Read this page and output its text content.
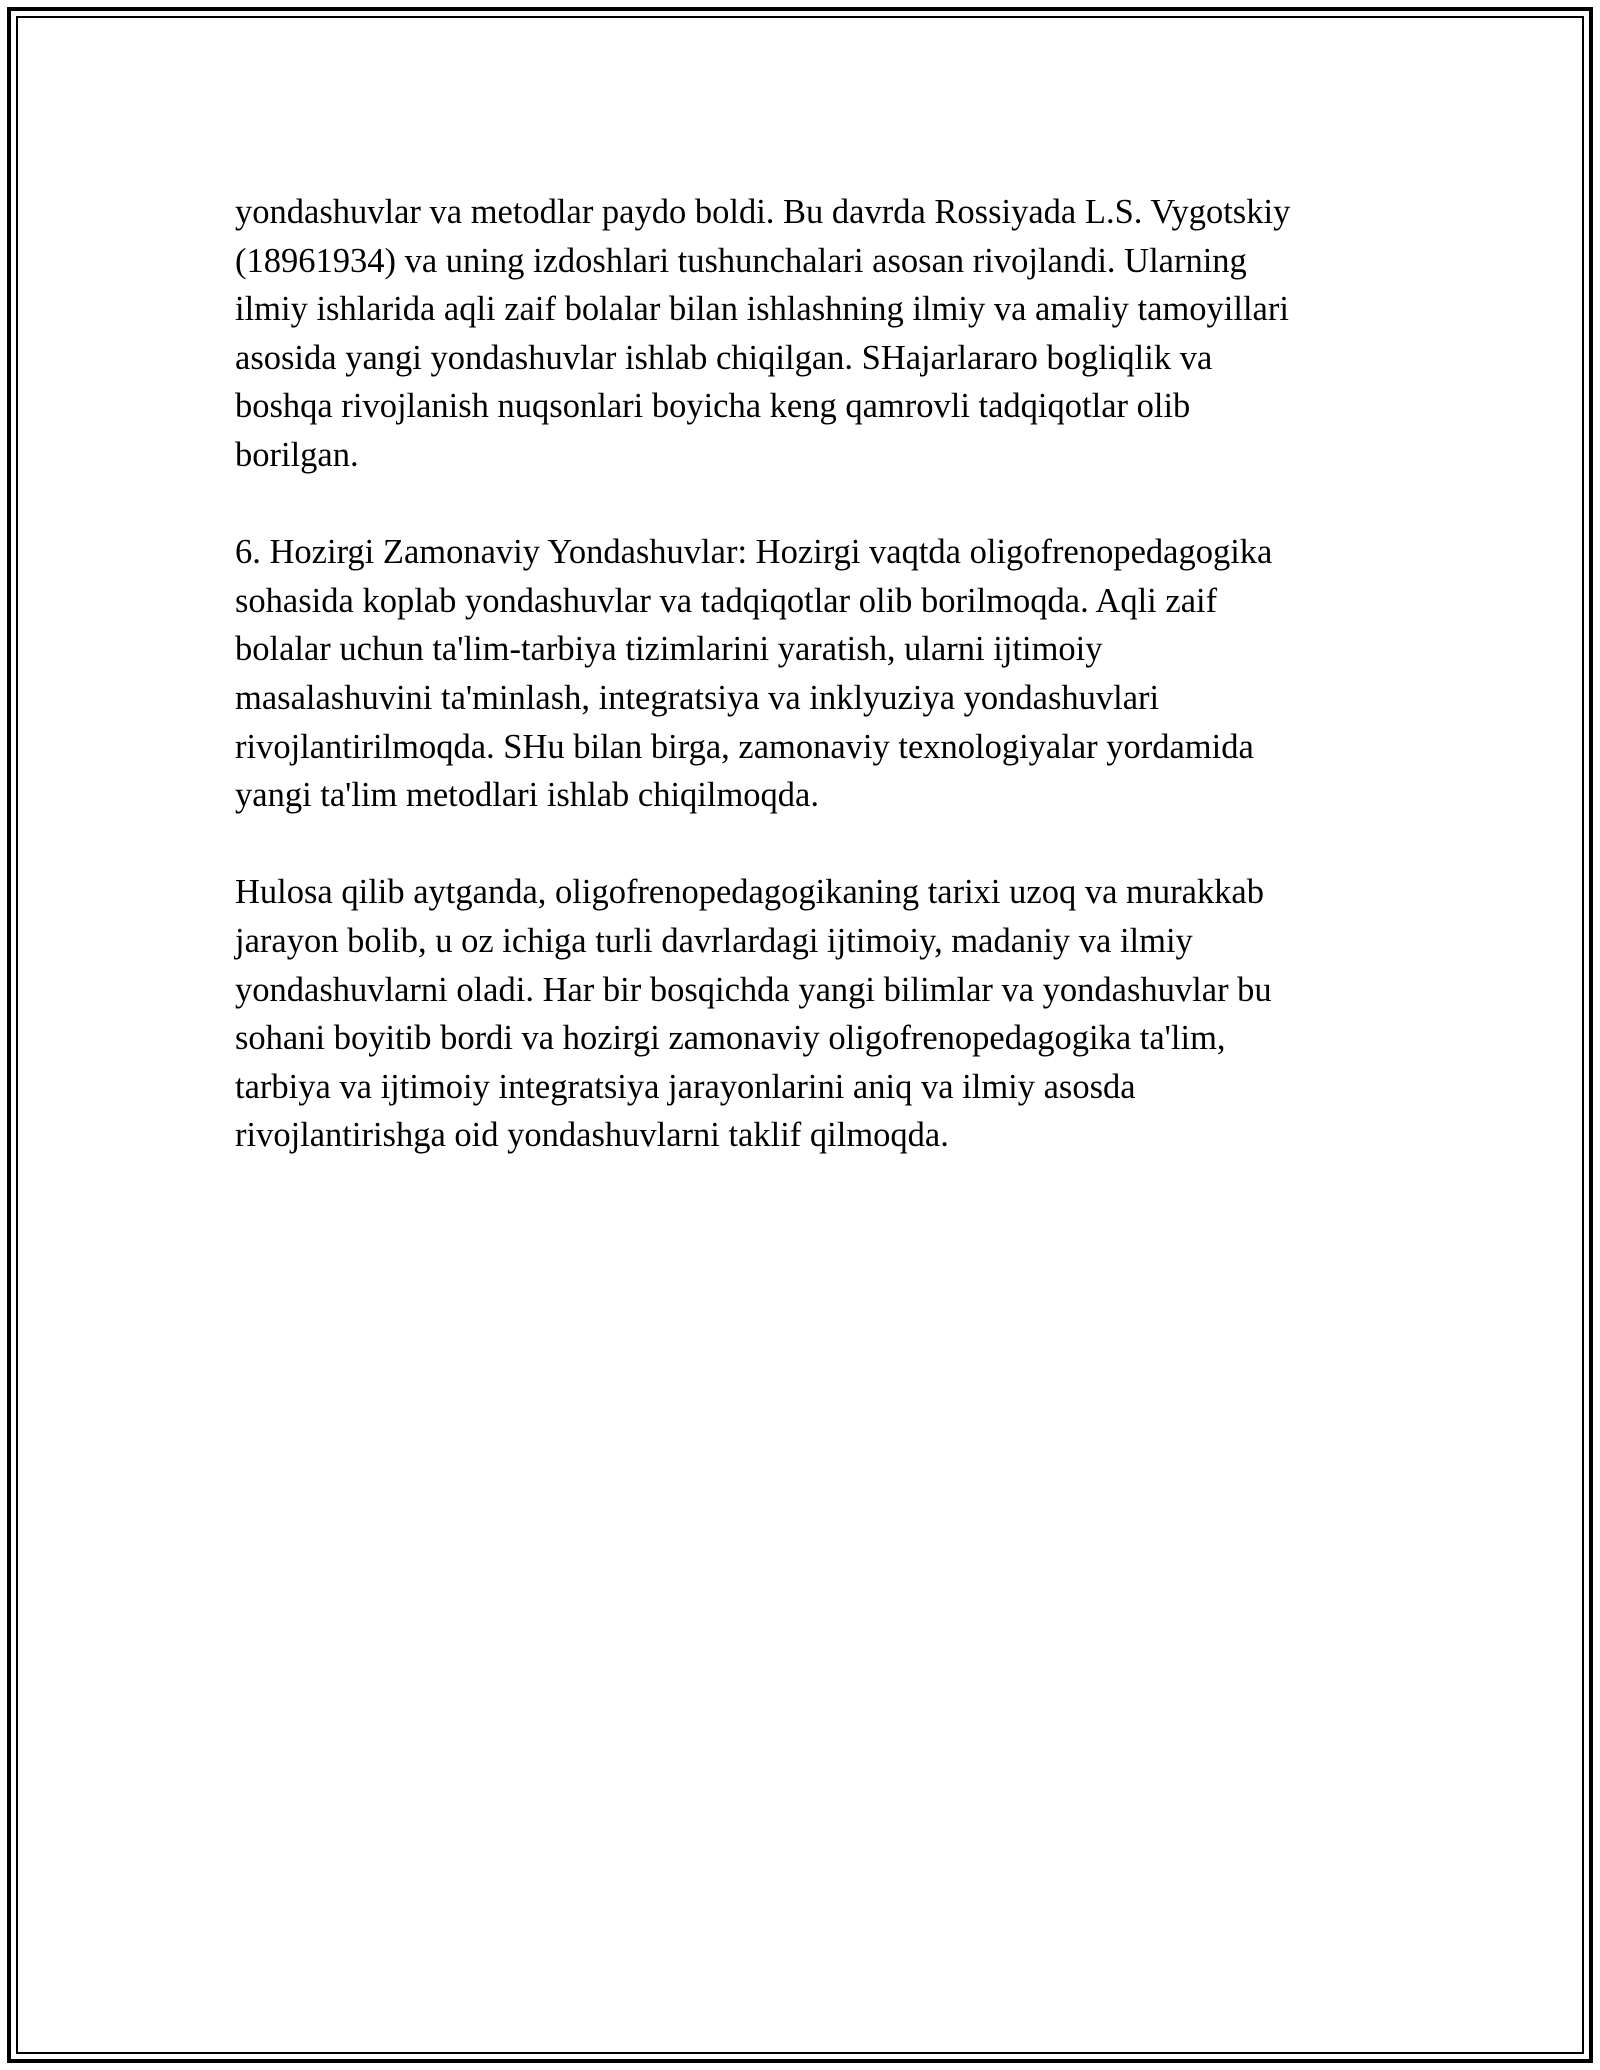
yondashuvlar va metodlar paydo boldi. Bu davrda Rossiyada L.S. Vygotskiy
(18961934) va uning izdoshlari tushunchalari asosan rivojlandi. Ularning
ilmiy ishlarida aqli zaif bolalar bilan ishlashning ilmiy va amaliy tamoyillari
asosida yangi yondashuvlar ishlab chiqilgan. SHajarlararo bogliqlik va
boshqa rivojlanish nuqsonlari boyicha keng qamrovli tadqiqotlar olib
borilgan.

6. Hozirgi Zamonaviy Yondashuvlar: Hozirgi vaqtda oligofrenopedagogika
sohasida koplab yondashuvlar va tadqiqotlar olib borilmoqda. Aqli zaif
bolalar uchun ta'lim-tarbiya tizimlarini yaratish, ularni ijtimoiy
masalashuvini ta'minlash, integratsiya va inklyuziya yondashuvlari
rivojlantirilmoqda. SHu bilan birga, zamonaviy texnologiyalar yordamida
yangi ta'lim metodlari ishlab chiqilmoqda.

Hulosa qilib aytganda, oligofrenopedagogikaning tarixi uzoq va murakkab
jarayon bolib, u oz ichiga turli davrlardagi ijtimoiy, madaniy va ilmiy
yondashuvlarni oladi. Har bir bosqichda yangi bilimlar va yondashuvlar bu
sohani boyitib bordi va hozirgi zamonaviy oligofrenopedagogika ta'lim,
tarbiya va ijtimoiy integratsiya jarayonlarini aniq va ilmiy asosda
rivojlantirishga oid yondashuvlarni taklif qilmoqda.
